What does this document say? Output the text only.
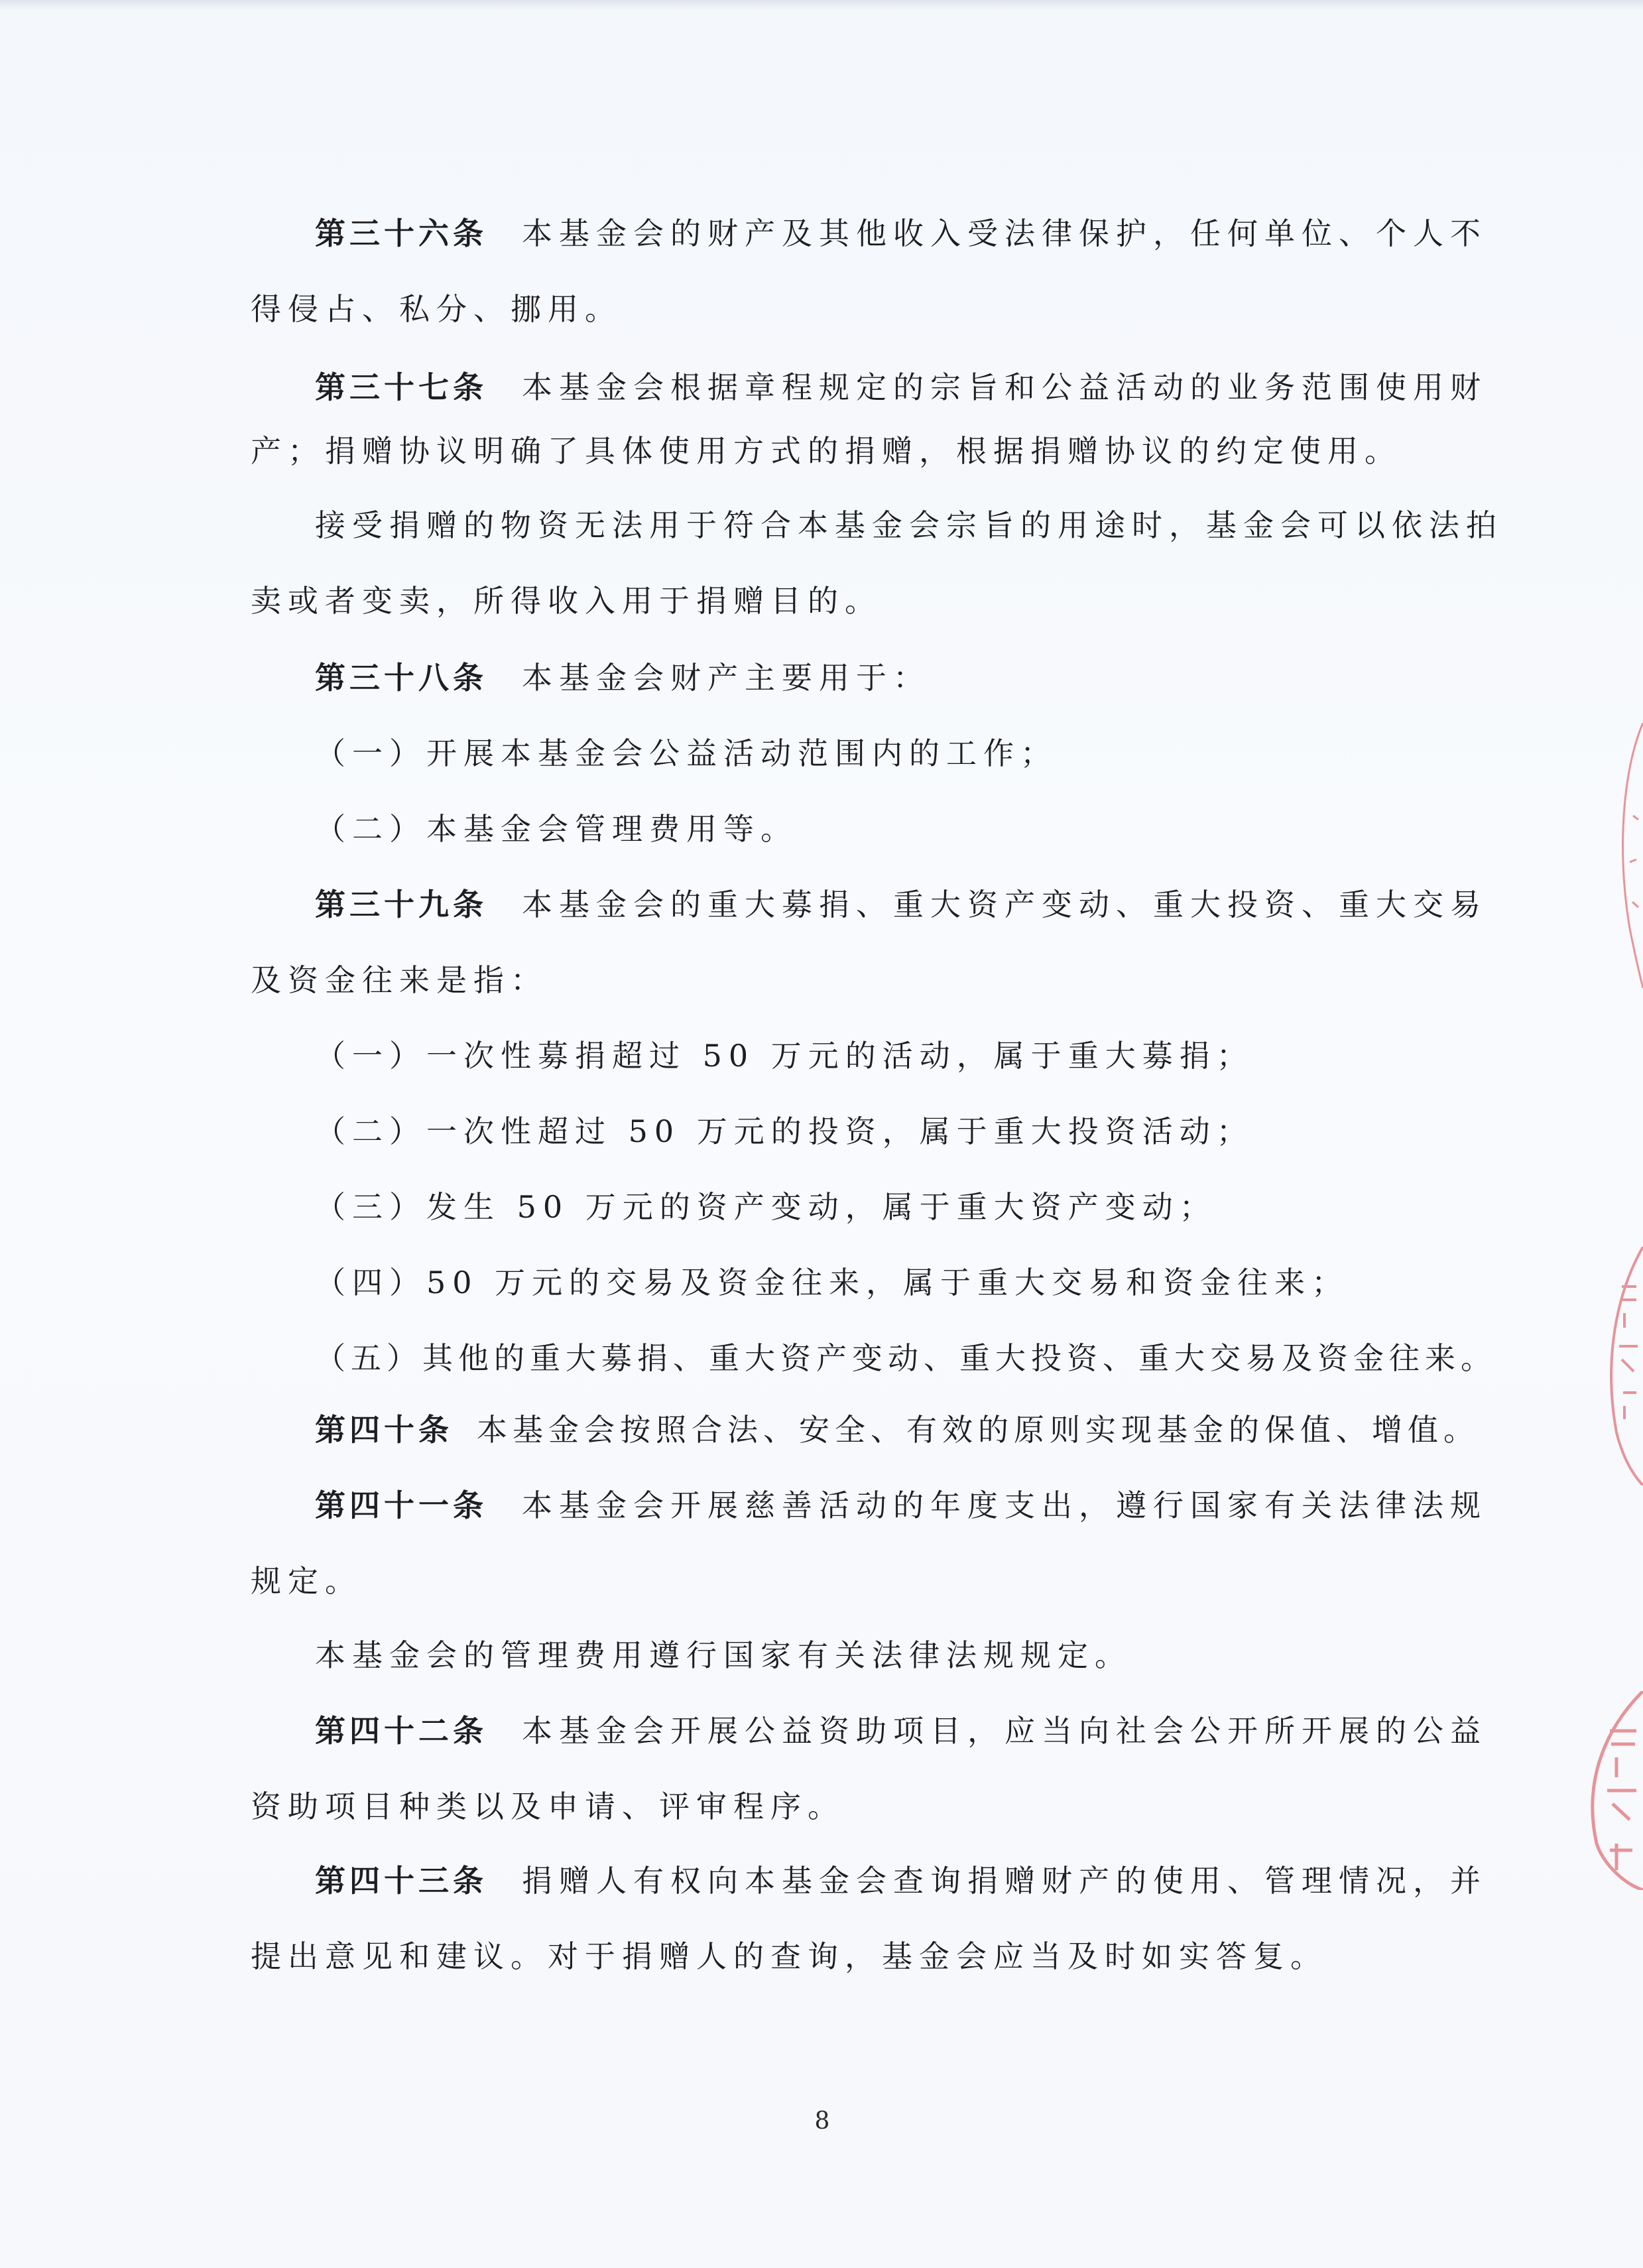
第三十六条 本基金会的财产及其他收入受法律保护，任何单位、个人不
得侵占、私分、挪用。
第三十七条 本基金会根据章程规定的宗旨和公益活动的业务范围使用财
产；捐赠协议明确了具体使用方式的捐赠，根据捐赠协议的约定使用。
接受捐赠的物资无法用于符合本基金会宗旨的用途时，基金会可以依法拍
卖或者变卖，所得收入用于捐赠目的。
第三十八条 本基金会财产主要用于：
（一）开展本基金会公益活动范围内的工作；
（二）本基金会管理费用等。
第三十九条 本基金会的重大募捐、重大资产变动、重大投资、重大交易
及资金往来是指：
（一）一次性募捐超过 50 万元的活动，属于重大募捐；
（二）一次性超过 50 万元的投资，属于重大投资活动；
（三）发生 50 万元的资产变动，属于重大资产变动；
（四）50 万元的交易及资金往来，属于重大交易和资金往来；
（五）其他的重大募捐、重大资产变动、重大投资、重大交易及资金往来。
第四十条 本基金会按照合法、安全、有效的原则实现基金的保值、增值。
第四十一条 本基金会开展慈善活动的年度支出，遵行国家有关法律法规
规定。
本基金会的管理费用遵行国家有关法律法规规定。
第四十二条 本基金会开展公益资助项目，应当向社会公开所开展的公益
资助项目种类以及申请、评审程序。
第四十三条 捐赠人有权向本基金会查询捐赠财产的使用、管理情况，并
提出意见和建议。对于捐赠人的查询，基金会应当及时如实答复。
8
